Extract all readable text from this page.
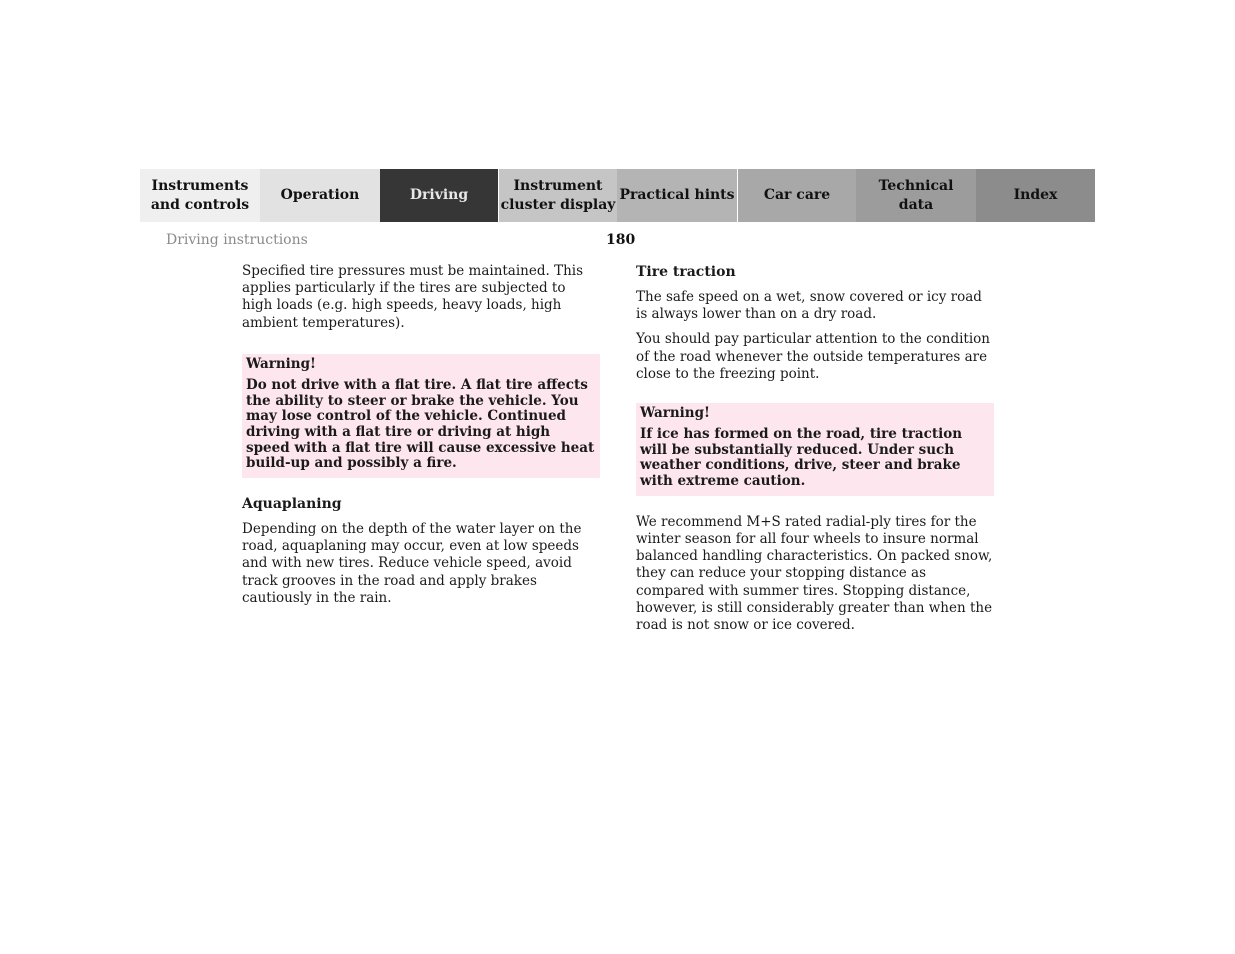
Instruments
and controls
Operation	Driving
Instrument
cluster display
Practical hints	Car care
Technical
data
Index
Driving instructions	180

Specified tire pressures must be maintained. This applies particularly if the tires are subjected to high loads (e.g. high speeds, heavy loads, high ambient temperatures).

Warning!

Do not drive with a flat tire. A flat tire affects the ability to steer or brake the vehicle. You may lose control of the vehicle. Continued driving with a flat tire or driving at high speed with a flat tire will cause excessive heat build-up and possibly a fire.

Aquaplaning

Depending on the depth of the water layer on the road, aquaplaning may occur, even at low speeds and with new tires. Reduce vehicle speed, avoid track grooves in the road and apply brakes cautiously in the rain.

Tire traction

The safe speed on a wet, snow covered or icy road is always lower than on a dry road.

You should pay particular attention to the condition of the road whenever the outside temperatures are close to the freezing point.

Warning!

If ice has formed on the road, tire traction will be substantially reduced. Under such weather conditions, drive, steer and brake with extreme caution.

We recommend M+S rated radial-ply tires for the winter season for all four wheels to insure normal balanced handling characteristics. On packed snow, they can reduce your stopping distance as compared with summer tires. Stopping distance, however, is still considerably greater than when the road is not snow or ice covered.
